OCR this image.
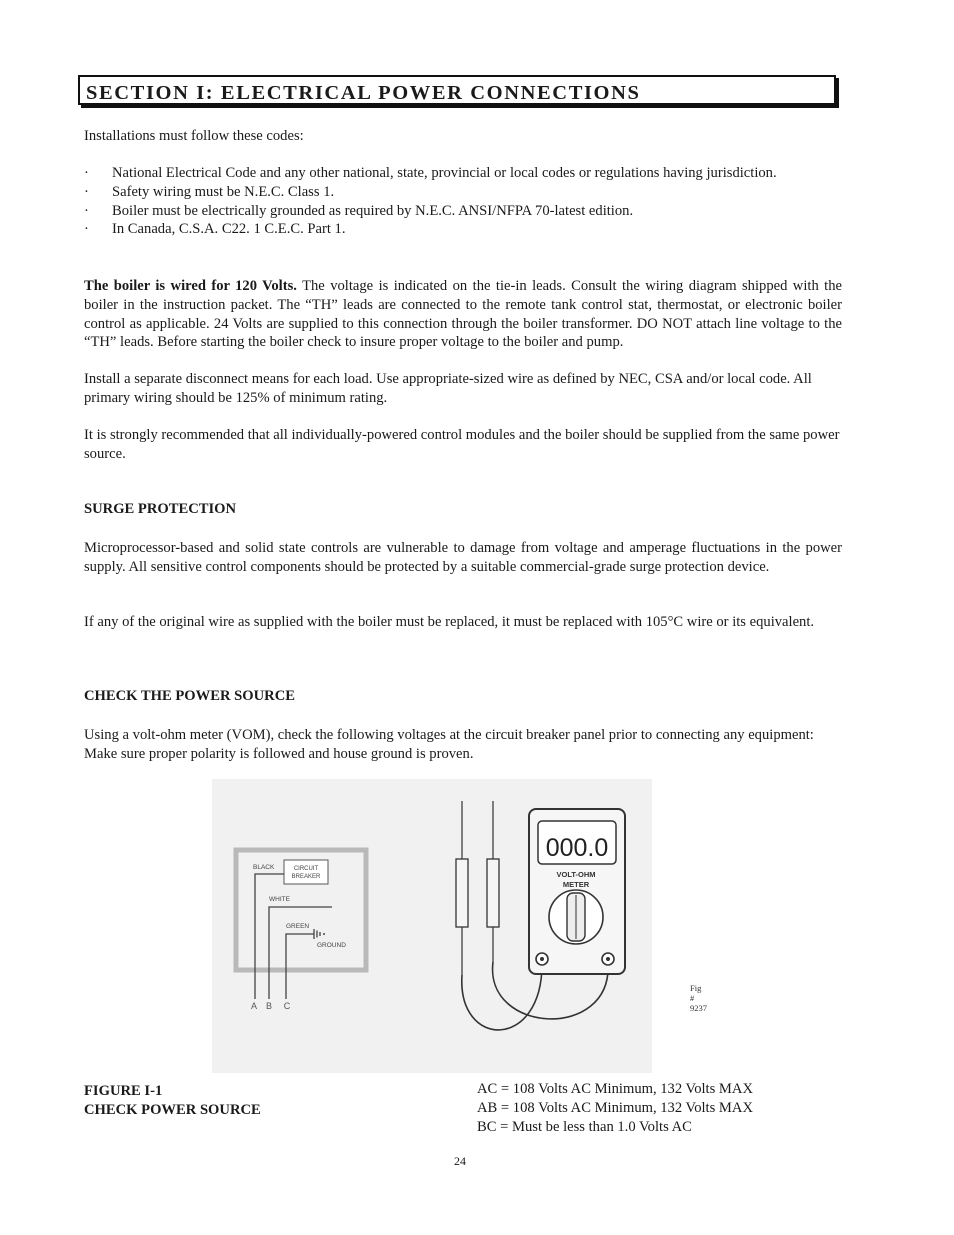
SECTION I: ELECTRICAL POWER CONNECTIONS
Installations must follow these codes:
·	National Electrical Code and any other national, state, provincial or local codes or regulations having jurisdiction.
·	Safety wiring must be N.E.C. Class 1.
·	Boiler must be electrically grounded as required by N.E.C. ANSI/NFPA 70-latest edition.
·	In Canada, C.S.A. C22. 1 C.E.C. Part 1.
The boiler is wired for 120 Volts. The voltage is indicated on the tie-in leads. Consult the wiring diagram shipped with the boiler in the instruction packet. The “TH” leads are connected to the remote tank control stat, thermostat, or electronic boiler control as applicable. 24 Volts are supplied to this connection through the boiler transformer. DO NOT attach line voltage to the “TH” leads. Before starting the boiler check to insure proper voltage to the boiler and pump.
Install a separate disconnect means for each load. Use appropriate-sized wire as defined by NEC, CSA and/or local code. All primary wiring should be 125% of minimum rating.
It is strongly recommended that all individually-powered control modules and the boiler should be supplied from the same power source.
SURGE PROTECTION
Microprocessor-based and solid state controls are vulnerable to damage from voltage and amperage fluctuations in the power supply. All sensitive control components should be protected by a suitable commercial-grade surge protection device.
If any of the original wire as supplied with the boiler must be replaced, it must be replaced with 105°C wire or its equivalent.
CHECK THE POWER SOURCE
Using a volt-ohm meter (VOM), check the following voltages at the circuit breaker panel prior to connecting any equipment: Make sure proper polarity is followed and house ground is proven.
BLACK	CIRCUIT
BREAKER
WHITE
GREEN
GROUND
A B C
000.0
VOLT-OHM
METER
Fig # 9237
FIGURE I-1
CHECK POWER SOURCE
AC = 108 Volts AC Minimum, 132 Volts MAX
AB = 108 Volts AC Minimum, 132 Volts MAX
BC = Must be less than 1.0 Volts AC
24
